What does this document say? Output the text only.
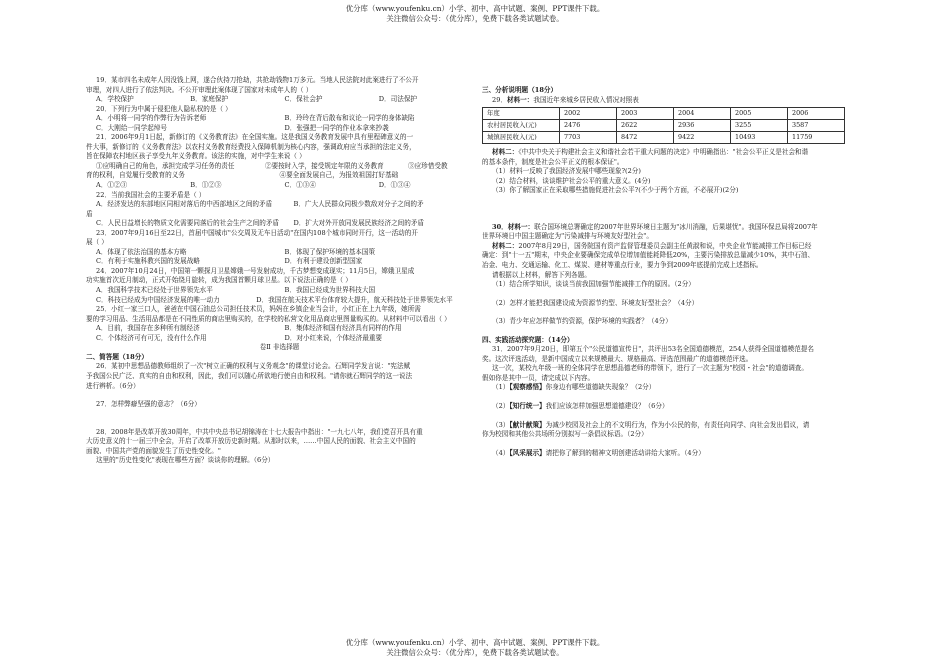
优分库（www.youfenku.cn）小学、初中、高中试题、案例、PPT课件下载。
关注微信公众号：（优分库），免费下载各类试题试卷。

19．某市四名未成年人因没钱上网，遂合伙持刀抢劫，共抢劫钱物1万多元。当地人民法院对此案进行了不公开

审理，对四人进行了依法判决。不公开审理此案体现了国家对未成年人的（ ）

A．学校保护	B．家庭保护	C．保社会护	D．司法保护

20．下列行为中属于侵犯他人隐私权的是（ ）

A．小明将一同学的作弊行为告诉老师	B．玲玲在背后散布和议论一同学的身体缺陷
C．大刚给一同学起绰号	D．张强把一同学的作业本拿来抄袭

21．2006年9月1日起，新修订的《义务教育法》在全国实施。这是我国义务教育发展中具有里程碑意义的一

件大事，新修订的《义务教育法》以农村义务教育经费投入保障机制为核心内容，强调政府应当承担的法定义务，

旨在保障农村地区孩子享受九年义务教育。该法的实施，对中学生来说（ ）

①应明确自己的角色，承担完成学习任务的责任	②要按时入学，接受规定年限的义务教育	③应珍惜受教
育的权利，自觉履行受教育的义务	④要全面发展自己，为报效祖国打好基础
A．①②③	B．①②③	C．①③④	D．①③④

22．当前我国社会的主要矛盾是（ ）

A．经济发达的东部地区同相对落后的中西部地区之间的矛盾	B．广大人民群众同极少数敌对分子之间的矛

盾

C．人民日益增长的物质文化需要同落后的社会生产之间的矛盾	D．扩大对外开放同发展民族经济之间的矛盾

23．2007年9月16日至22日，首届中国城市"公交周及无车日活动"在国内108个城市同时开行，这一活动的开

展（ ）

A．体现了依法治国的基本方略	B．体现了保护环境的基本国策
C．有利于实施科教兴国的发展战略	D．有利于建设创新型国家

24．2007年10月24日，中国第一颗探月卫星嫦娥一号发射成功，千古梦想变成现实；11月5日，嫦娥卫星成

功实施首次近月制动，正式开始绕月旋转，成为我国首颗月球卫星。以下说法正确的是（ ）

A．我国科学技术已经处于世界领先水平	B．我国已经成为世界科技大国
C．科技已经成为中国经济发展的唯一动力	D．我国在航天技术平台体育较大提升，航天科技处于世界领先水平

25．小红一家三口人，爸爸在中国石油总公司担任技术员，妈妈在乡镇企业当会计，小红正在上九年级，她所需

要的学习用品、生活用品都是在不同性质的商店里购买的，在学校的私营文化用品商店里图量购买的。从材料中可以看出（ ）

A．目前，我国存在多种所有制经济	B．集体经济和国有经济具有同样的作用
C．个体经济可有可无，没有什么作用	D．对小红来说，个体经济最重要

卷Ⅱ 非选择题

二、简答题（18分）

26．某初中思想品德教师组织了一次"树立正确的权利与义务观念"的课堂讨论会。石辉同学发言说："宪法赋

予我国公民广泛、真实的自由和权利，因此，我们可以随心所欲地行使自由和权利。"请你就石辉同学的这一说法

进行辨析。（6分）

27．怎样弊癖坚强的意志？（6分）

28．2008年是改革开放30周年，中共中央总书记胡锦涛在十七大报告中指出："一九七八年，我们党召开具有重

大历史意义的十一届三中全会，开启了改革开放历史新时期。从那时以来，……中国人民的面貌、社会主义中国的

面貌、中国共产党的面貌发生了历史性变化。"

这里的"历史性变化"表现在哪些方面？谈谈你的理解。（6分）

三、分析说明题（18分）

29．材料一：我国近年来城乡居民收入情况对照表

年度	2002	2003	2004	2005	2006
农村居民收入(元)	2476	2622	2936	3255	3587
城镇居民收入(元)	7703	8472	9422	10493	11759

材料二：《中共中央关于构建社会主义和谐社会若干重大问题的决定》中明确指出："社会公平正义是社会和谐

的基本条件，制度是社会公平正义的根本保证"。

（1）材料一反映了我国经济发展中哪些现象?(2分)

（2）结合材料，谈谈维护社会公平的重大意义。(4分)

（3）你了解国家正在采取哪些措施促进社会公平?(不少于两个方面，不必展开)(2分)

30．材料一：联合国环境总署确定的2007年世界环境日主题为"冰川消融，后果堪忧"。我国环保总局将2007年

世界环境日中国主题确定为"污染减排与环境友好型社会"。

材料二：2007年8月29日，国务院国有资产监督管理委员会副主任黄淑和说，中央企业节能减排工作目标已经

确定：到"十一五"期末，中央企业要确保完成单位增加值能耗降低20%，主要污染排放总量减少10%，其中石油、

冶金、电力、交通运输、化工、煤炭、建材等重点行业，要力争到2009年底提前完成上述指标。

请根据以上材料，解答下列各题。

（1）结合所学知识，谈谈当前我国加强节能减排工作的原因。（2分）

（2）怎样才能把我国建设成为资源节约型、环境友好型社会？（4分）

（3）青少年应怎样做节约资源，保护环境的实践者？（4分）

四、实践活动探究题：（14分）

31．2007年9月20日，即第五个"公民道德宣传日"，共评出53名全国道德模范，254人获得全国道德模范提名

奖。这次评选活动，是新中国成立以来规模最大、规格最高、评选范围最广的道德模范评选。

这一次，某校九年级一班的全体同学在思想品德老师的带领下，进行了一次主题为"校园・社会"的道德调查。

假如你是其中一员，请完成以下内容。

（1）【观察感悟】你身边有哪些道德缺失现象？（2分）

（2）【知行统一】我们应该怎样加强思想道德建设？（6分）

（3）【献计献策】为减少校园及社会上的不文明行为，作为小公民的你，有责任向同学、向社会发出倡议，请

你为校园和其他公共场所分别拟写一条倡议标语。（2分）

（4）【风采展示】请把你了解到的精神文明创建活动讲给大家听。（4分）

优分库（www.youfenku.cn）小学、初中、高中试题、案例、PPT课件下载。
关注微信公众号：（优分库），免费下载各类试题试卷。
